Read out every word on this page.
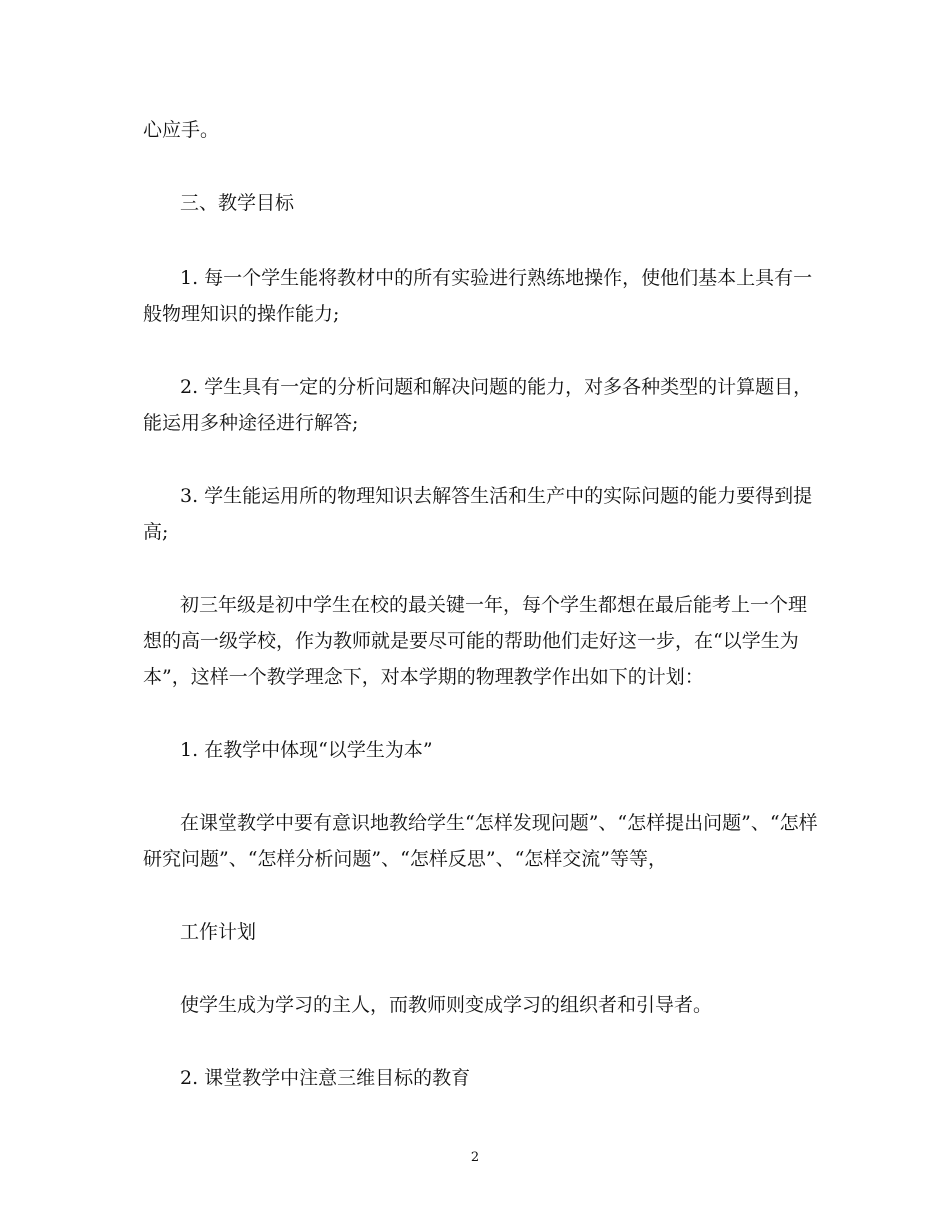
心应手。
三、教学目标
1. 每一个学生能将教材中的所有实验进行熟练地操作，使他们基本上具有一
般物理知识的操作能力;
2. 学生具有一定的分析问题和解决问题的能力，对多各种类型的计算题目，
能运用多种途径进行解答;
3. 学生能运用所的物理知识去解答生活和生产中的实际问题的能力要得到提
高;
初三年级是初中学生在校的最关键一年，每个学生都想在最后能考上一个理
想的高一级学校，作为教师就是要尽可能的帮助他们走好这一步，在“以学生为
本”，这样一个教学理念下，对本学期的物理教学作出如下的计划：
1. 在教学中体现“以学生为本”
在课堂教学中要有意识地教给学生“怎样发现问题”、“怎样提出问题”、“怎样
研究问题”、“怎样分析问题”、“怎样反思”、“怎样交流”等等，
工作计划
使学生成为学习的主人，而教师则变成学习的组织者和引导者。
2. 课堂教学中注意三维目标的教育
2
